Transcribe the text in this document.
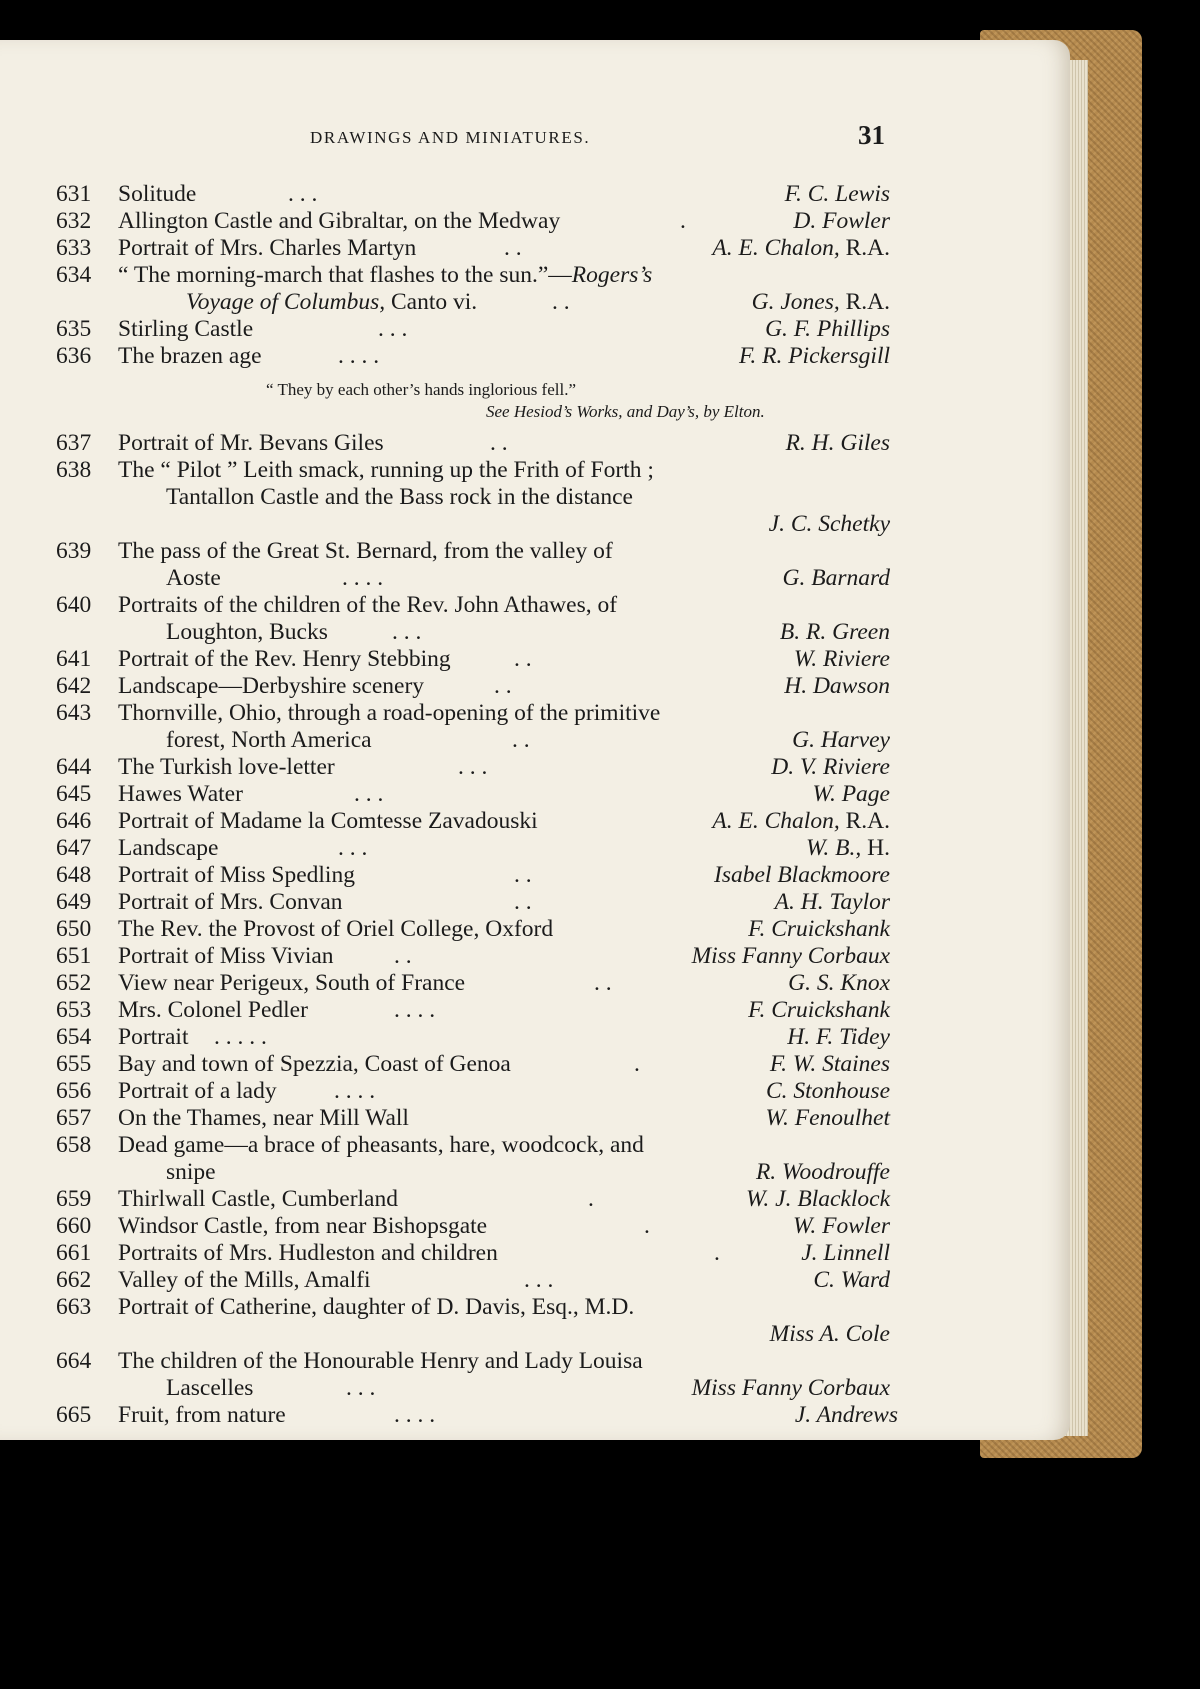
DRAWINGS AND MINIATURES.	31
631 Solitude	. . .	F. C. Lewis
632 Allington Castle and Gibraltar, on the Medway	.	D. Fowler
633 Portrait of Mrs. Charles Martyn	. .	A. E. Chalon, R.A.
634 “ The morning-march that flashes to the sun.”—Rogers’s
Voyage of Columbus, Canto vi.	. .	G. Jones, R.A.
635 Stirling Castle	. . .	G. F. Phillips
636 The brazen age	. . . .	F. R. Pickersgill
“ They by each other’s hands inglorious fell.”
See Hesiod’s Works, and Day’s, by Elton.
637 Portrait of Mr. Bevans Giles	. .	R. H. Giles
638 The “ Pilot ” Leith smack, running up the Frith of Forth ;
Tantallon Castle and the Bass rock in the distance
J. C. Schetky
639 The pass of the Great St. Bernard, from the valley of
Aoste	. . . .	G. Barnard
640 Portraits of the children of the Rev. John Athawes, of
Loughton, Bucks	. . .	B. R. Green
641 Portrait of the Rev. Henry Stebbing	. .	W. Riviere
642 Landscape—Derbyshire scenery	. .	H. Dawson
643 Thornville, Ohio, through a road-opening of the primitive
forest, North America	. .	G. Harvey
644 The Turkish love-letter	. . .	D. V. Riviere
645 Hawes Water	. . .	W. Page
646 Portrait of Madame la Comtesse Zavadouski	A. E. Chalon, R.A.
647 Landscape	. . .	W. B., H.
648 Portrait of Miss Spedling	. .	Isabel Blackmoore
649 Portrait of Mrs. Convan	. .	A. H. Taylor
650 The Rev. the Provost of Oriel College, Oxford	F. Cruickshank
651 Portrait of Miss Vivian	. .	Miss Fanny Corbaux
652 View near Perigeux, South of France	. .	G. S. Knox
653 Mrs. Colonel Pedler	. . . .	F. Cruickshank
654 Portrait . . . . .	H. F. Tidey
655 Bay and town of Spezzia, Coast of Genoa	.	F. W. Staines
656 Portrait of a lady . . . .	C. Stonhouse
657 On the Thames, near Mill Wall	W. Fenoulhet
658 Dead game—a brace of pheasants, hare, woodcock, and
snipe	R. Woodrouffe
659 Thirlwall Castle, Cumberland	.	W. J. Blacklock
660 Windsor Castle, from near Bishopsgate	.	W. Fowler
661 Portraits of Mrs. Hudleston and children	.	J. Linnell
662 Valley of the Mills, Amalfi	. . .	C. Ward
663 Portrait of Catherine, daughter of D. Davis, Esq., M.D.
Miss A. Cole
664 The children of the Honourable Henry and Lady Louisa
Lascelles	. . .	Miss Fanny Corbaux
665 Fruit, from nature	. . . .	J. Andrews
